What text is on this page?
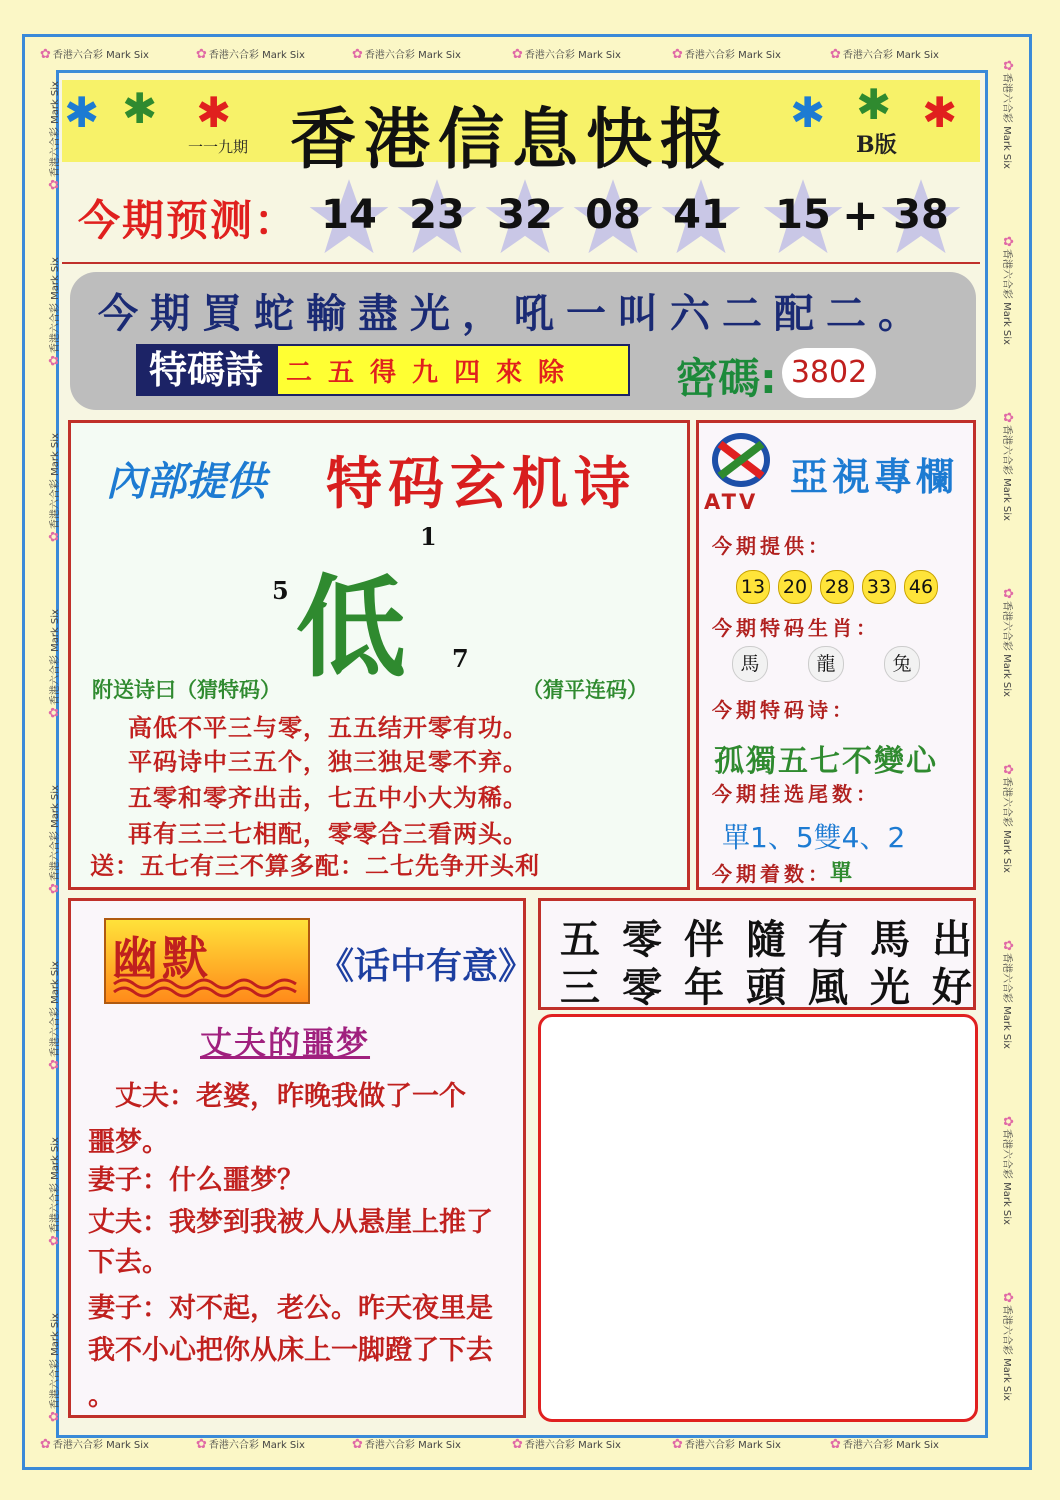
✿ 香港六合彩 Mark Six	✿ 香港六合彩 Mark Six	✿ 香港六合彩 Mark Six	✿ 香港六合彩 Mark Six	✿ 香港六合彩 Mark Six	✿ 香港六合彩 Mark Six
✿ 香港六合彩 Mark Six	✿ 香港六合彩 Mark Six	✿ 香港六合彩 Mark Six	✿ 香港六合彩 Mark Six	✿ 香港六合彩 Mark Six	✿ 香港六合彩 Mark Six
✿香港六合彩 Mark Six
✿香港六合彩 Mark Six
✿香港六合彩 Mark Six
✿香港六合彩 Mark Six
✿香港六合彩 Mark Six
✿香港六合彩 Mark Six
✿香港六合彩 Mark Six
✿香港六合彩 Mark Six
✿香港六合彩 Mark Six
✿香港六合彩 Mark Six
✿香港六合彩 Mark Six
✿香港六合彩 Mark Six
✿香港六合彩 Mark Six
✿香港六合彩 Mark Six
✿香港六合彩 Mark Six
✿香港六合彩 Mark Six
✱ ✱ ✱	✱ ✱ ✱
香港信息快报
一一九期	B版
今期预测： 14 23 32 08 41	15	38
+
今期買蛇輸盡光，吼一叫六二配二。
特碼詩 二五得九四來除 密碼: 3802
內部提供 特码玄机诗
低
1
5
7
附送诗曰（猜特码）	（猜平连码）
高低不平三与零，五五结开零有功。
平码诗中三五个，独三独足零不弃。
五零和零齐出击，七五中小大为稀。
再有三三七相配，零零合三看两头。
送：五七有三不算多配：二七先争开头利
ATV
亞視專欄
今期提供：
13 20 28 33 46
今期特码生肖：
馬	龍	兔
今期特码诗：
孤獨五七不變心
今期挂选尾数：
單1、5雙4、2
今期着数：
單
幽默	《话中有意》
丈夫的噩梦
　丈夫：老婆，昨晚我做了一个
噩梦。
妻子：什么噩梦？
丈夫：我梦到我被人从悬崖上推了
下去。
妻子：对不起，老公。昨天夜里是
我不小心把你从床上一脚蹬了下去
。
五零伴隨有馬出
三零年頭風光好
